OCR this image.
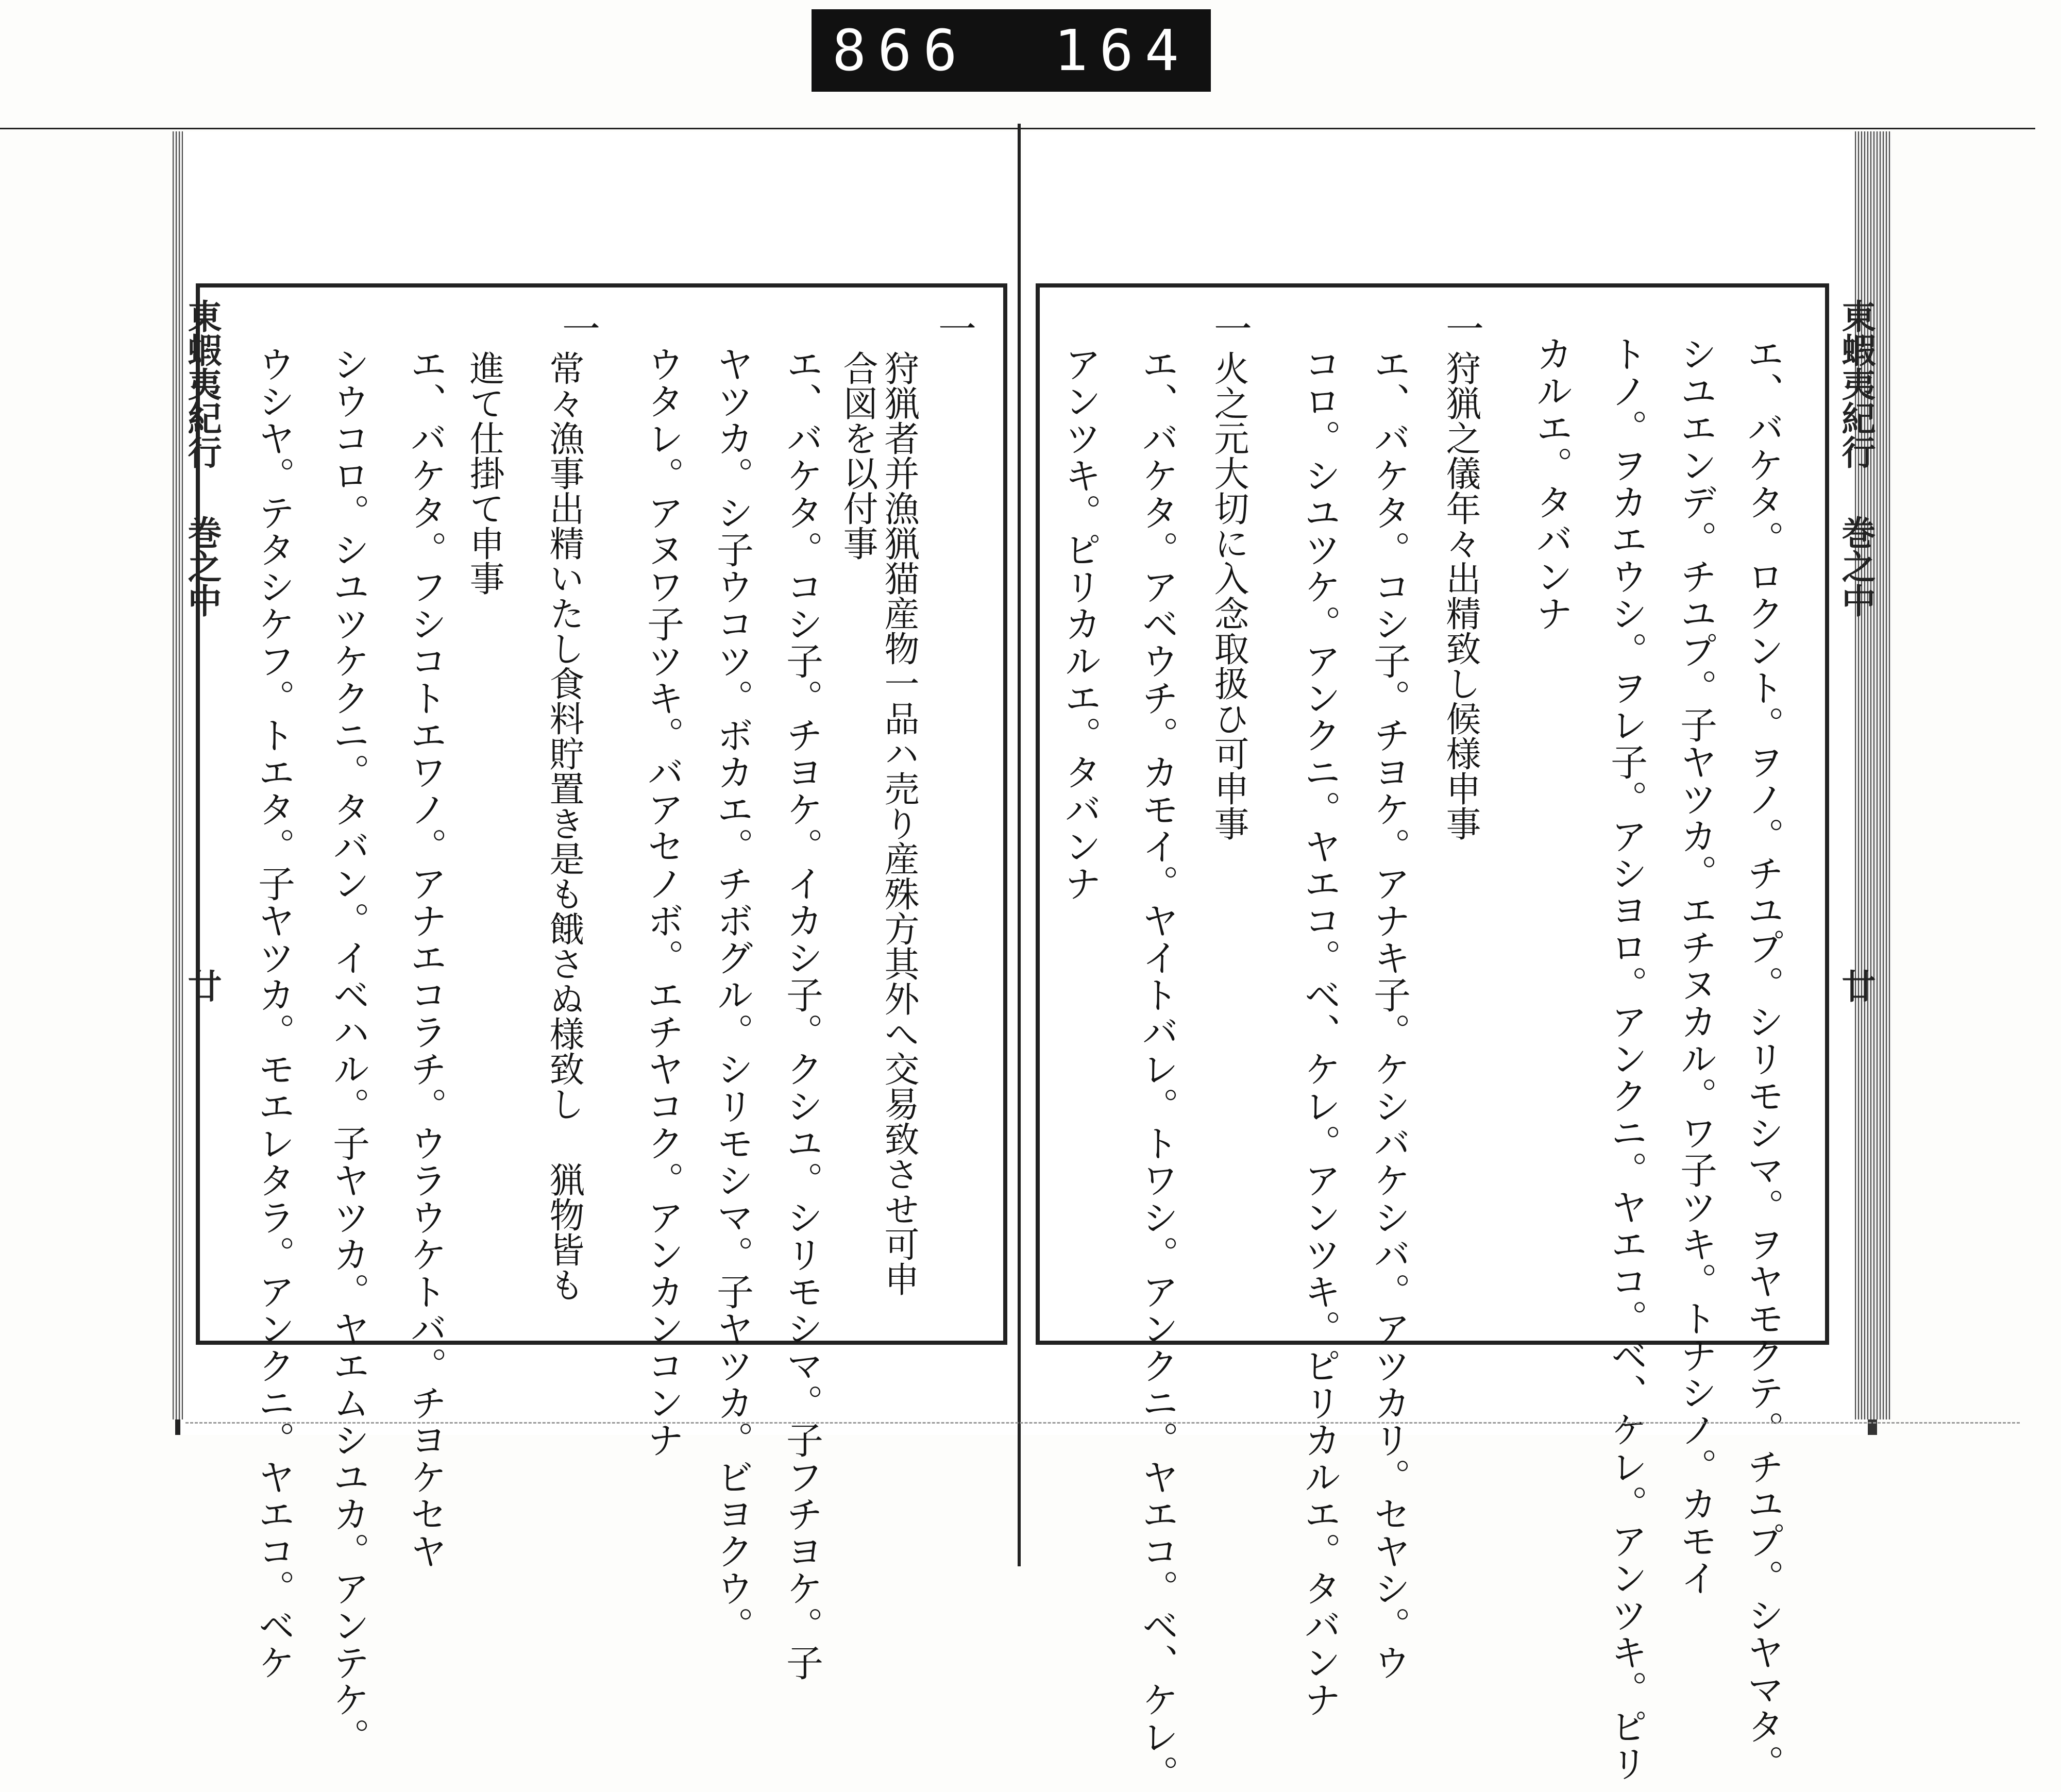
866 164
東蝦夷紀行
巻之中
廿
一
狩猟者并漁猟猫産物一品ハ売り産殊方其外へ交易致させ可申
合図を以付事
エ、バケタ。コシ子。チヨケ。イカシ子。クシユ。シリモシマ。子フチヨケ。子
ヤツカ。シ子ウコツ。ボカエ。チボグル。シリモシマ。子ヤツカ。ビヨクウ。
ウタレ。アヌワ子ツキ。バアセノボ。エチヤコク。アンカンコンナ
一
常々漁事出精いたし食料貯置き是も餓さぬ様致し 猟物皆も
進て仕掛て申事
エ、バケタ。フシコトエワノ。アナエコラチ。ウラウケトバ。チヨケセヤ
シウコロ。シユツケクニ。タバン。イベハル。子ヤツカ。ヤエムシユカ。アンテケ。
ウシヤ。テタシケフ。トエタ。子ヤツカ。モエレタラ。アンクニ。ヤエコ。ベケ	東蝦夷紀行
巻之中
廿
エ、バケタ。ロクント。ヲノ。チユプ。シリモシマ。ヲヤモクテ。チユプ。シヤマタ。
シユエンデ。チユプ。子ヤツカ。エチヌカル。ワ子ツキ。トナシノ。カモイ
トノ。ヲカエウシ。ヲレ子。アシヨロ。アンクニ。ヤエコ。ベ、ケレ。アンツキ。ピリ
カルエ。タバンナ
一
狩猟之儀年々出精致し候様申事
エ、バケタ。コシ子。チヨケ。アナキ子。ケシバケシバ。アツカリ。セヤシ。ウ
コロ。シユツケ。アンクニ。ヤエコ。ベ、ケレ。アンツキ。ピリカルエ。タバンナ
一
火之元大切に入念取扱ひ可申事
エ、バケタ。アベウチ。カモイ。ヤイトバレ。トワシ。アンクニ。ヤエコ。ベ、ケレ。
アンツキ。ピリカルエ。タバンナ
